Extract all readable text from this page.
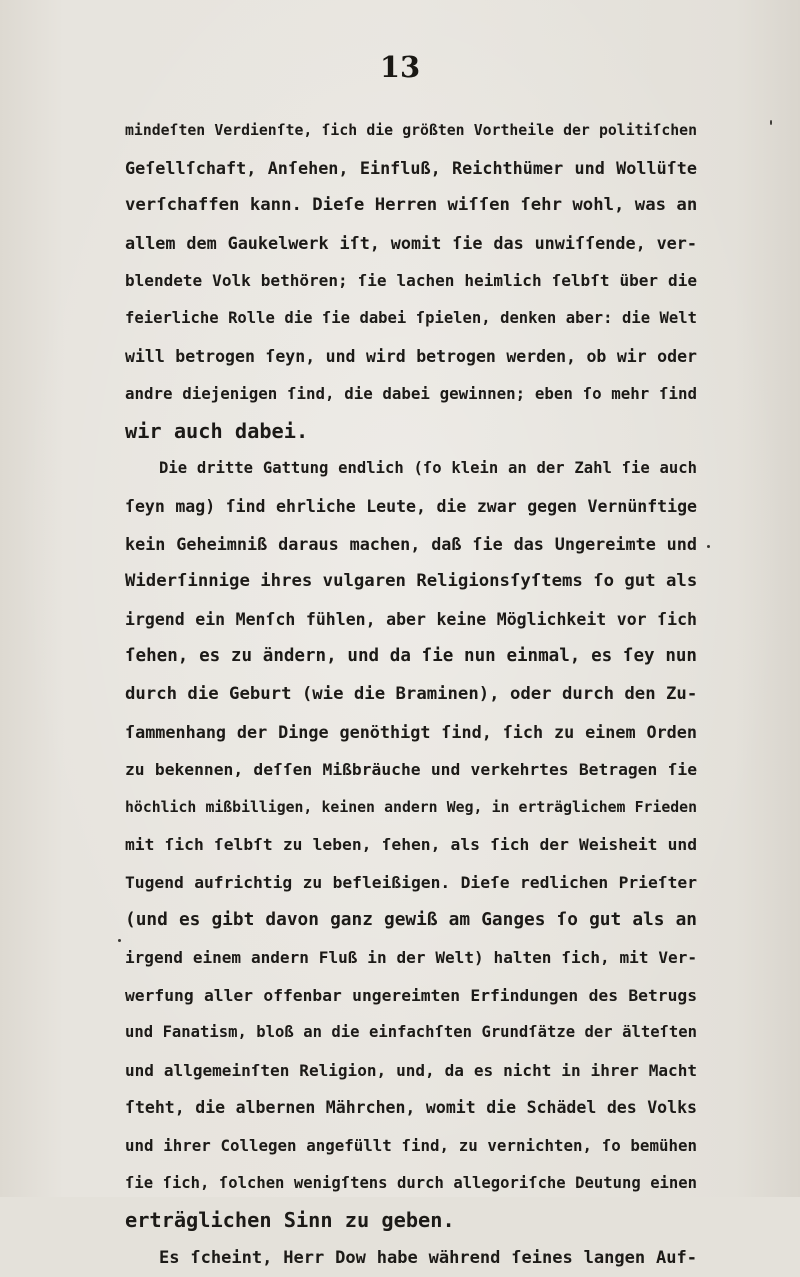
13
mindeſten Verdienſte, ſich die größten Vortheile der politiſchen
Geſellſchaft, Anſehen, Einfluß, Reichthümer und Wollüſte
verſchaffen kann. Dieſe Herren wiſſen ſehr wohl, was an
allem dem Gaukelwerk iſt, womit ſie das unwiſſende, ver-
blendete Volk bethören; ſie lachen heimlich ſelbſt über die
feierliche Rolle die ſie dabei ſpielen, denken aber: die Welt
will betrogen ſeyn, und wird betrogen werden, ob wir oder
andre diejenigen ſind, die dabei gewinnen; eben ſo mehr ſind
wir auch dabei.
Die dritte Gattung endlich (ſo klein an der Zahl ſie auch
ſeyn mag) ſind ehrliche Leute, die zwar gegen Vernünftige
kein Geheimniß daraus machen, daß ſie das Ungereimte und
Widerſinnige ihres vulgaren Religionsſyſtems ſo gut als
irgend ein Menſch fühlen, aber keine Möglichkeit vor ſich
ſehen, es zu ändern, und da ſie nun einmal, es ſey nun
durch die Geburt (wie die Braminen), oder durch den Zu-
ſammenhang der Dinge genöthigt ſind, ſich zu einem Orden
zu bekennen, deſſen Mißbräuche und verkehrtes Betragen ſie
höchlich mißbilligen, keinen andern Weg, in erträglichem Frieden
mit ſich ſelbſt zu leben, ſehen, als ſich der Weisheit und
Tugend aufrichtig zu befleißigen. Dieſe redlichen Prieſter
(und es gibt davon ganz gewiß am Ganges ſo gut als an
irgend einem andern Fluß in der Welt) halten ſich, mit Ver-
werfung aller offenbar ungereimten Erfindungen des Betrugs
und Fanatism, bloß an die einfachſten Grundſätze der älteſten
und allgemeinſten Religion, und, da es nicht in ihrer Macht
ſteht, die albernen Mährchen, womit die Schädel des Volks
und ihrer Collegen angefüllt ſind, zu vernichten, ſo bemühen
ſie ſich, ſolchen wenigſtens durch allegoriſche Deutung einen
erträglichen Sinn zu geben.
Es ſcheint, Herr Dow habe während ſeines langen Auf-
